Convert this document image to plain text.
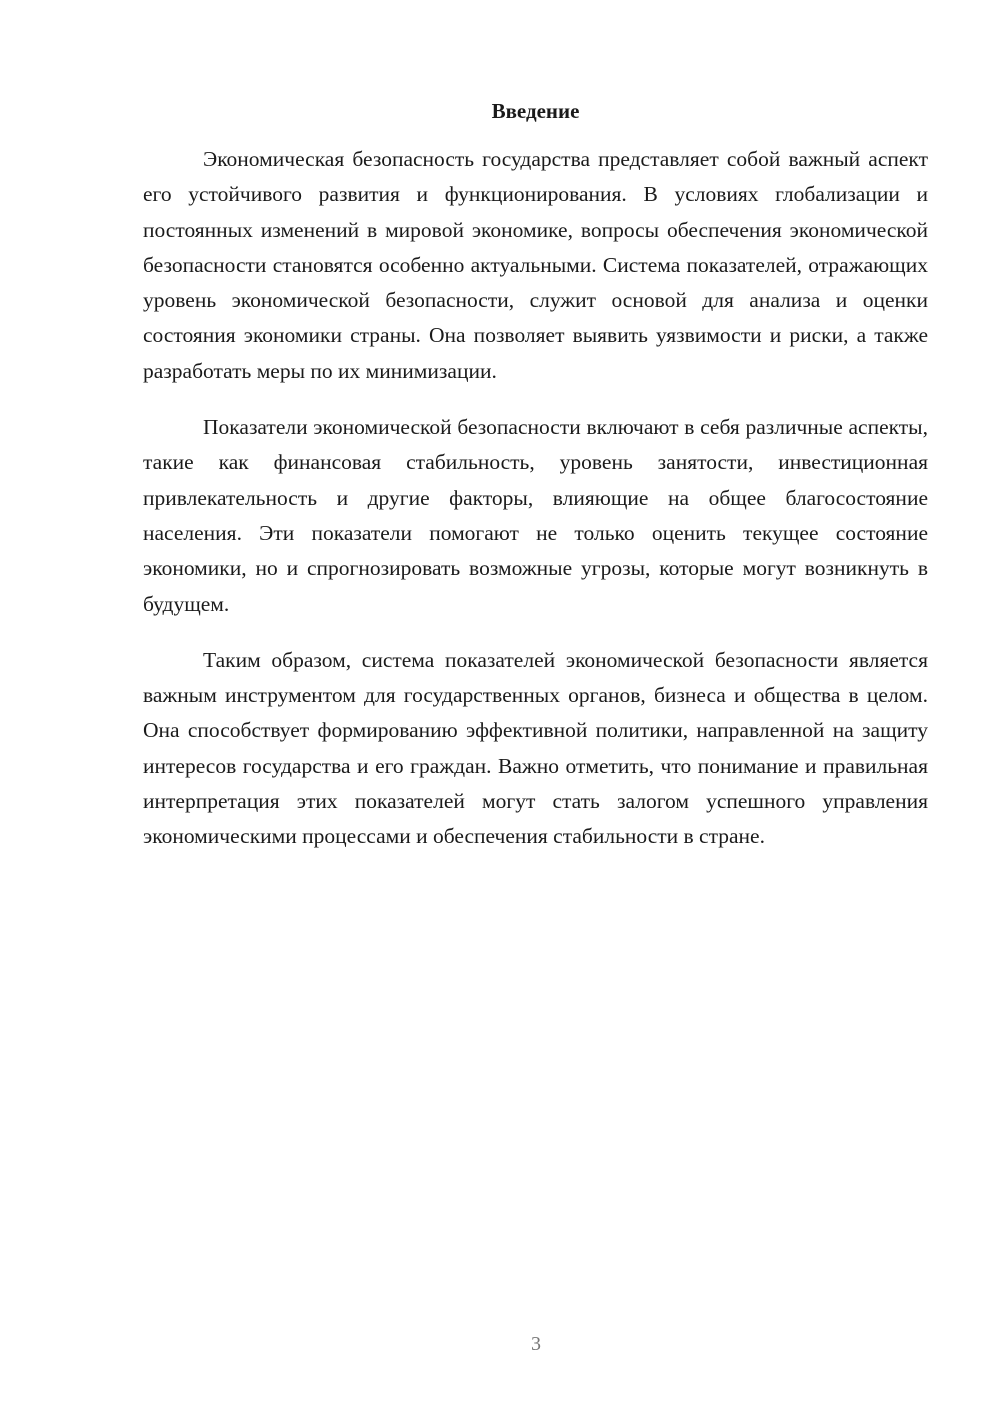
Введение

Экономическая безопасность государства представляет собой важный аспект его устойчивого развития и функционирования. В условиях глобализации и постоянных изменений в мировой экономике, вопросы обеспечения экономической безопасности становятся особенно актуальными. Система показателей, отражающих уровень экономической безопасности, служит основой для анализа и оценки состояния экономики страны. Она позволяет выявить уязвимости и риски, а также разработать меры по их минимизации.

Показатели экономической безопасности включают в себя различные аспекты, такие как финансовая стабильность, уровень занятости, инвестиционная привлекательность и другие факторы, влияющие на общее благосостояние населения. Эти показатели помогают не только оценить текущее состояние экономики, но и спрогнозировать возможные угрозы, которые могут возникнуть в будущем.

Таким образом, система показателей экономической безопасности является важным инструментом для государственных органов, бизнеса и общества в целом. Она способствует формированию эффективной политики, направленной на защиту интересов государства и его граждан. Важно отметить, что понимание и правильная интерпретация этих показателей могут стать залогом успешного управления экономическими процессами и обеспечения стабильности в стране.

3
